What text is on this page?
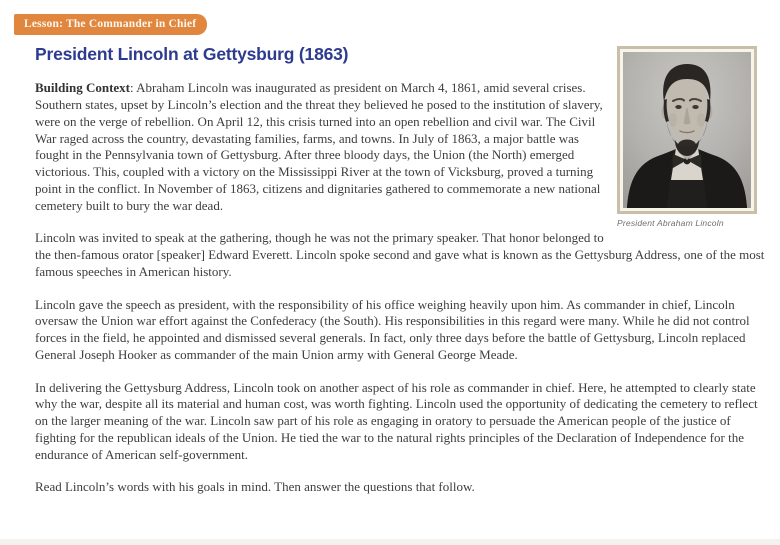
Lesson: The Commander in Chief
President Abraham Lincoln
President Lincoln at Gettysburg (1863)

Building Context: Abraham Lincoln was inaugurated as president on March 4, 1861, amid several crises. Southern states, upset by Lincoln’s election and the threat they believed he posed to the institution of slavery, were on the verge of rebellion. On April 12, this crisis turned into an open rebellion and civil war. The Civil War raged across the country, devastating families, farms, and towns. In July of 1863, a major battle was fought in the Pennsylvania town of Gettysburg. After three bloody days, the Union (the North) emerged victorious. This, coupled with a victory on the Mississippi River at the town of Vicksburg, proved a turning point in the conflict. In November of 1863, citizens and dignitaries gathered to commemorate a new national cemetery built to bury the war dead.

Lincoln was invited to speak at the gathering, though he was not the primary speaker. That honor belonged to the then-famous orator [speaker] Edward Everett. Lincoln spoke second and gave what is known as the Gettysburg Address, one of the most famous speeches in American history.

Lincoln gave the speech as president, with the responsibility of his office weighing heavily upon him. As commander in chief, Lincoln oversaw the Union war effort against the Confederacy (the South). His responsibilities in this regard were many. While he did not control forces in the field, he appointed and dismissed several generals. In fact, only three days before the battle of Gettysburg, Lincoln replaced General Joseph Hooker as commander of the main Union army with General George Meade.

In delivering the Gettysburg Address, Lincoln took on another aspect of his role as commander in chief. Here, he attempted to clearly state why the war, despite all its material and human cost, was worth fighting. Lincoln used the opportunity of dedicating the cemetery to reflect on the larger meaning of the war. Lincoln saw part of his role as engaging in oratory to persuade the American people of the justice of fighting for the republican ideals of the Union. He tied the war to the natural rights principles of the Declaration of Independence for the endurance of American self-government.

Read Lincoln’s words with his goals in mind. Then answer the questions that follow.
